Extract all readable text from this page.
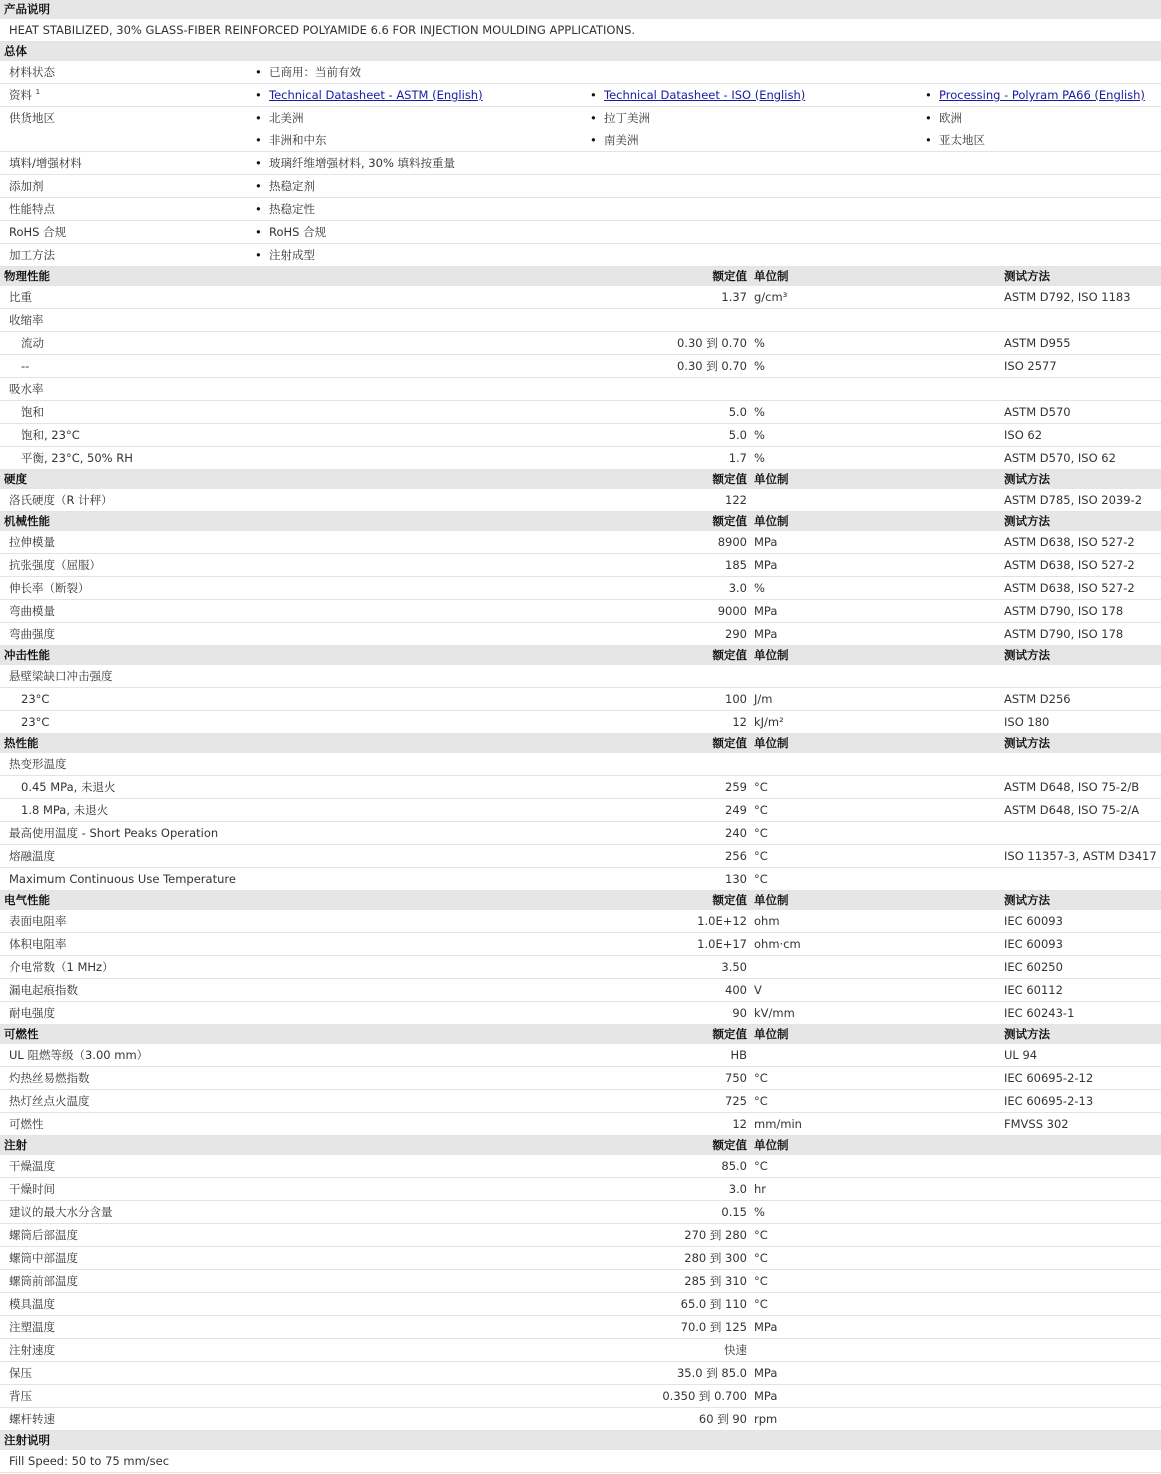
产品说明
HEAT STABILIZED, 30% GLASS-FIBER REINFORCED POLYAMIDE 6.6 FOR INJECTION MOULDING APPLICATIONS.
总体
材料状态	• 已商用：当前有效
资料 $^1$	• Technical Datasheet - ASTM (English)	• Technical Datasheet - ISO (English)	• Processing - Polyram PA66 (English)
供货地区	• 北美洲	• 拉丁美洲	• 欧洲
• 非洲和中东	• 南美洲	• 亚太地区
填料/增强材料	• 玻璃纤维增强材料, 30% 填料按重量
添加剂	• 热稳定剂
性能特点	• 热稳定性
RoHS 合规	• RoHS 合规
加工方法	• 注射成型
物理性能	额定值 单位制	测试方法
比重	1.37 g/cm³	ASTM D792, ISO 1183
收缩率
流动	0.30 到 0.70 %	ASTM D955
--	0.30 到 0.70 %	ISO 2577
吸水率
饱和	5.0 %	ASTM D570
饱和, 23°C	5.0 %	ISO 62
平衡, 23°C, 50% RH	1.7 %	ASTM D570, ISO 62
硬度	额定值 单位制	测试方法
洛氏硬度（R 计秤）	122	ASTM D785, ISO 2039-2
机械性能	额定值 单位制	测试方法
拉伸模量	8900 MPa	ASTM D638, ISO 527-2
抗张强度（屈服）	185 MPa	ASTM D638, ISO 527-2
伸长率（断裂）	3.0 %	ASTM D638, ISO 527-2
弯曲模量	9000 MPa	ASTM D790, ISO 178
弯曲强度	290 MPa	ASTM D790, ISO 178
冲击性能	额定值 单位制	测试方法
悬壁梁缺口冲击强度
23°C	100 J/m	ASTM D256
23°C	12 kJ/m²	ISO 180
热性能	额定值 单位制	测试方法
热变形温度
0.45 MPa, 未退火	259 °C	ASTM D648, ISO 75-2/B
1.8 MPa, 未退火	249 °C	ASTM D648, ISO 75-2/A
最高使用温度 - Short Peaks Operation	240 °C
熔融温度	256 °C	ISO 11357-3, ASTM D3417
Maximum Continuous Use Temperature	130 °C
电气性能	额定值 单位制	测试方法
表面电阻率	1.0E+12 ohm	IEC 60093
体积电阻率	1.0E+17 ohm·cm	IEC 60093
介电常数（1 MHz）	3.50	IEC 60250
漏电起痕指数	400 V	IEC 60112
耐电强度	90 kV/mm	IEC 60243-1
可燃性	额定值 单位制	测试方法
UL 阻燃等级（3.00 mm）	HB	UL 94
灼热丝易燃指数	750 °C	IEC 60695-2-12
热灯丝点火温度	725 °C	IEC 60695-2-13
可燃性	12 mm/min	FMVSS 302
注射	额定值 单位制
干燥温度	85.0 °C
干燥时间	3.0 hr
建议的最大水分含量	0.15 %
螺筒后部温度	270 到 280 °C
螺筒中部温度	280 到 300 °C
螺筒前部温度	285 到 310 °C
模具温度	65.0 到 110 °C
注塑温度	70.0 到 125 MPa
注射速度	快速
保压	35.0 到 85.0 MPa
背压	0.350 到 0.700 MPa
螺杆转速	60 到 90 rpm
注射说明
Fill Speed: 50 to 75 mm/sec
